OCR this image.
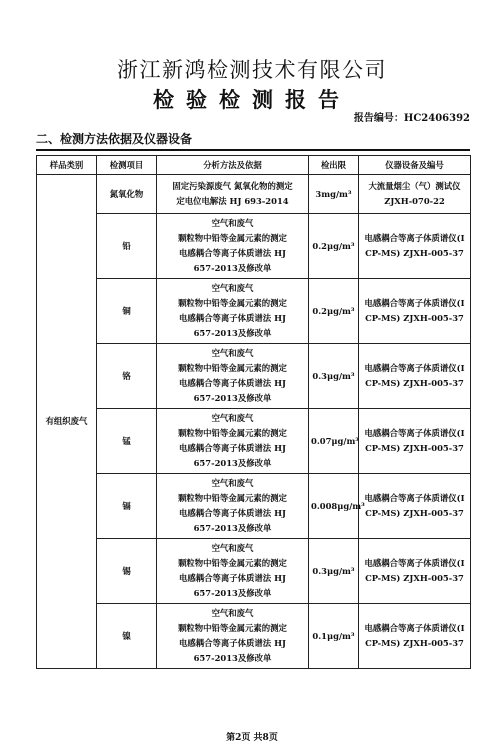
浙江新鸿检测技术有限公司
检验检测报告
报告编号：HC2406392
二、检测方法依据及仪器设备
样品类别	检测项目	分析方法及依据	检出限	仪器设备及编号
有组织废气	氮氧化物	固定污染源废气 氮氧化物的测定
定电位电解法 HJ 693-2014	3mg/m³	大流量烟尘（气）测试仪
ZJXH-070-22

	铅	空气和废气
颗粒物中铅等金属元素的测定
电感耦合等离子体质谱法 HJ
657-2013及修改单	0.2μg/m³	电感耦合等离子体质谱仪(I
CP-MS) ZJXH-005-37

	铜	空气和废气
颗粒物中铅等金属元素的测定
电感耦合等离子体质谱法 HJ
657-2013及修改单	0.2μg/m³	电感耦合等离子体质谱仪(I
CP-MS) ZJXH-005-37

	铬	空气和废气
颗粒物中铅等金属元素的测定
电感耦合等离子体质谱法 HJ
657-2013及修改单	0.3μg/m³	电感耦合等离子体质谱仪(I
CP-MS) ZJXH-005-37

	锰	空气和废气
颗粒物中铅等金属元素的测定
电感耦合等离子体质谱法 HJ
657-2013及修改单	0.07μg/m³	电感耦合等离子体质谱仪(I
CP-MS) ZJXH-005-37

	镉	空气和废气
颗粒物中铅等金属元素的测定
电感耦合等离子体质谱法 HJ
657-2013及修改单	0.008μg/m³	电感耦合等离子体质谱仪(I
CP-MS) ZJXH-005-37

	锡	空气和废气
颗粒物中铅等金属元素的测定
电感耦合等离子体质谱法 HJ
657-2013及修改单	0.3μg/m³	电感耦合等离子体质谱仪(I
CP-MS) ZJXH-005-37

	镍	空气和废气
颗粒物中铅等金属元素的测定
电感耦合等离子体质谱法 HJ
657-2013及修改单	0.1μg/m³	电感耦合等离子体质谱仪(I
CP-MS) ZJXH-005-37
第2页 共8页
